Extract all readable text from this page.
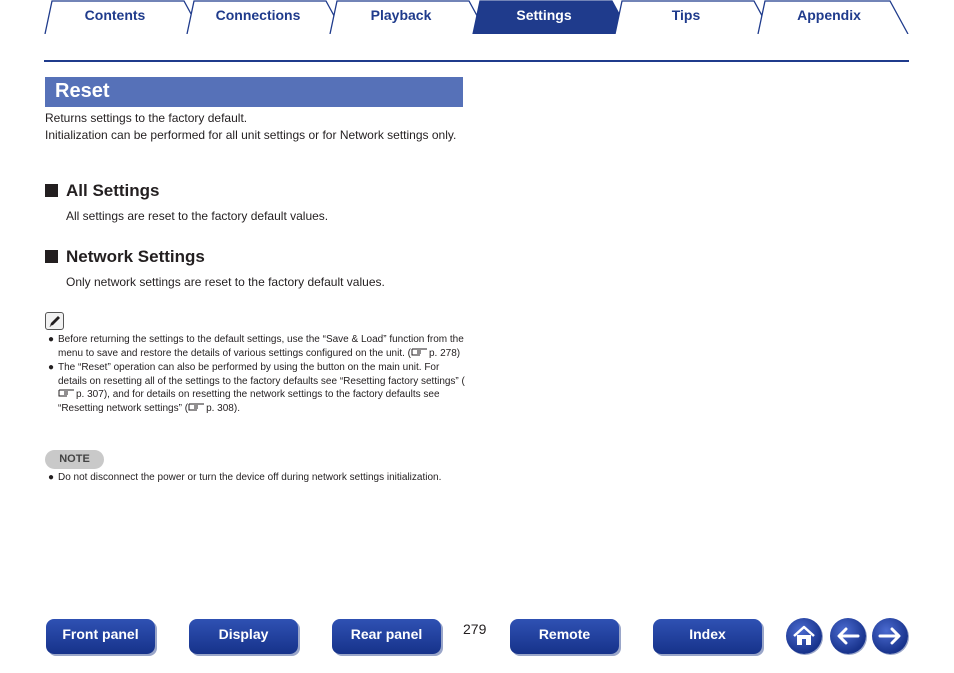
Contents	Connections	Playback	Settings	Tips	Appendix
Reset
Returns settings to the factory default.
Initialization can be performed for all unit settings or for Network settings only.
All Settings
All settings are reset to the factory default values.
Network Settings
Only network settings are reset to the factory default values.
● Before returning the settings to the default settings, use the “Save & Load” function from the menu to save and restore the details of various settings configured on the unit. ( p. 278)
● The “Reset” operation can also be performed by using the button on the main unit. For details on resetting all of the settings to the factory defaults see “Resetting factory settings” (p. 307), and for details on resetting the network settings to the factory defaults see “Resetting network settings” ( p. 308).
NOTE
● Do not disconnect the power or turn the device off during network settings initialization.
Front panel	Display	Rear panel	279	Remote	Index
